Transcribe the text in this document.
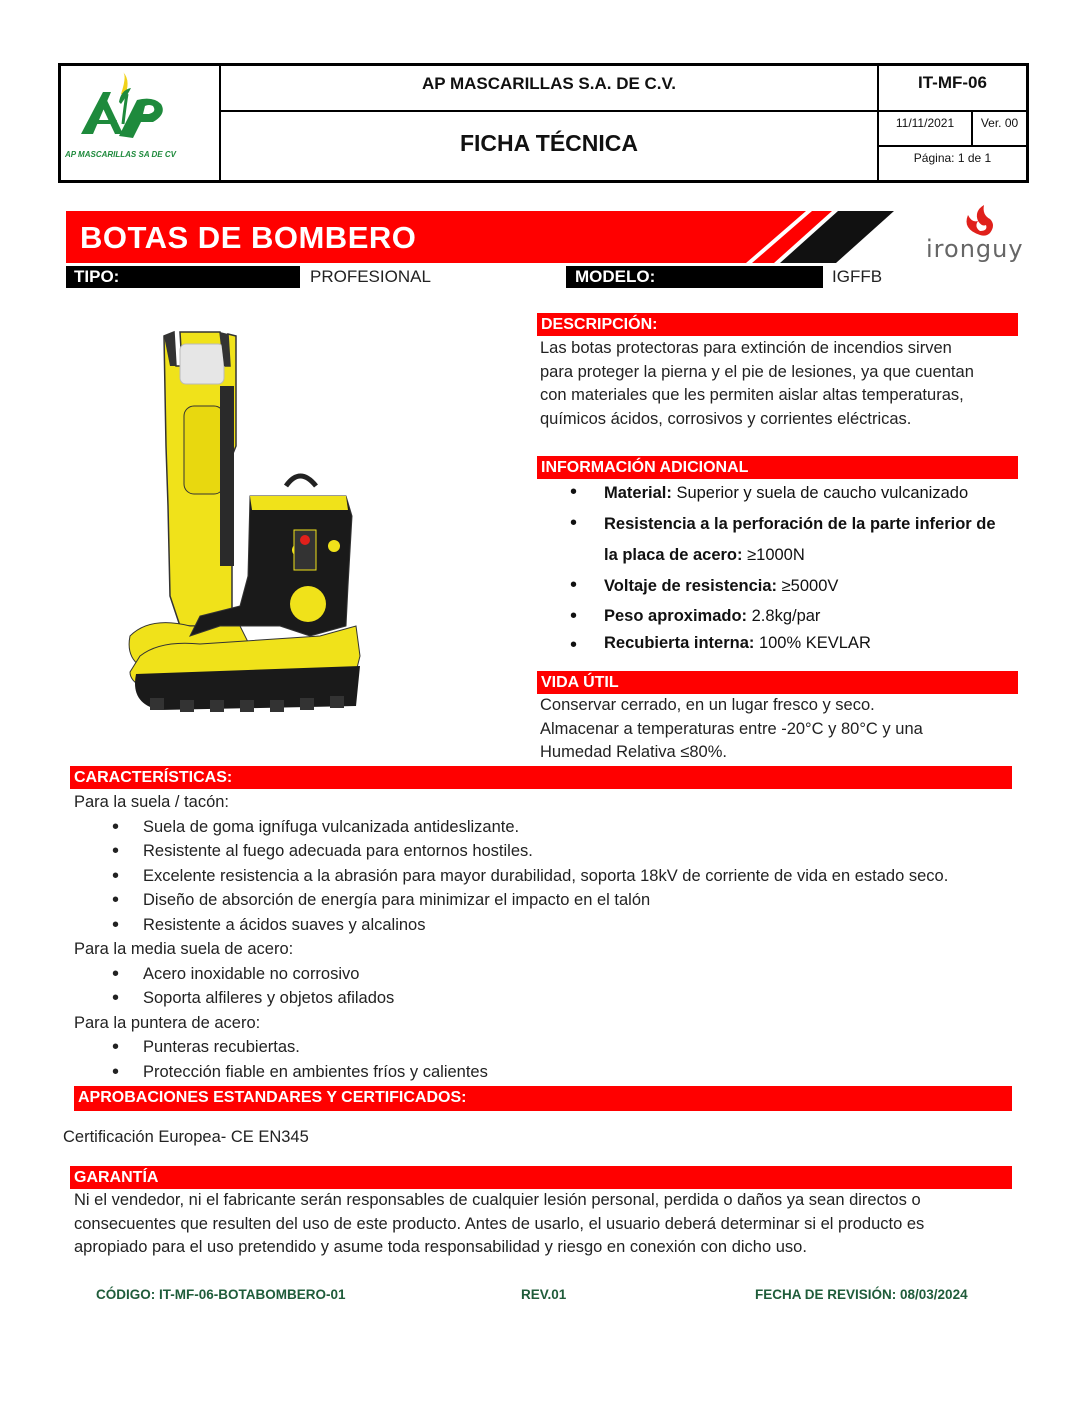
AP MASCARILLAS SA DE CV
AP MASCARILLAS S.A. DE C.V.
FICHA TÉCNICA
IT-MF-06
11/11/2021	Ver. 00
Página: 1 de 1
BOTAS DE BOMBERO	ironguy
TIPO:	PROFESIONAL	MODELO:	IGFFB
DESCRIPCIÓN:
Las botas protectoras para extinción de incendios sirven
para proteger la pierna y el pie de lesiones, ya que cuentan
con materiales que les permiten aislar altas temperaturas,
químicos ácidos, corrosivos y corrientes eléctricas.
INFORMACIÓN ADICIONAL
• Material: Superior y suela de caucho vulcanizado
• Resistencia a la perforación de la parte inferior de
la placa de acero: ≥1000N
• Voltaje de resistencia: ≥5000V
• Peso aproximado: 2.8kg/par
• Recubierta interna: 100% KEVLAR
VIDA ÚTIL
Conservar cerrado, en un lugar fresco y seco.
Almacenar a temperaturas entre -20°C y 80°C y una
Humedad Relativa ≤80%.
CARACTERÍSTICAS:
Para la suela / tacón:
• Suela de goma ignífuga vulcanizada antideslizante.
• Resistente al fuego adecuada para entornos hostiles.
• Excelente resistencia a la abrasión para mayor durabilidad, soporta 18kV de corriente de vida en estado seco.
• Diseño de absorción de energía para minimizar el impacto en el talón
• Resistente a ácidos suaves y alcalinos
Para la media suela de acero:
• Acero inoxidable no corrosivo
• Soporta alfileres y objetos afilados
Para la puntera de acero:
• Punteras recubiertas.
• Protección fiable en ambientes fríos y calientes
APROBACIONES ESTANDARES Y CERTIFICADOS:
Certificación Europea- CE EN345
GARANTÍA
Ni el vendedor, ni el fabricante serán responsables de cualquier lesión personal, perdida o daños ya sean directos o
consecuentes que resulten del uso de este producto. Antes de usarlo, el usuario deberá determinar si el producto es
apropiado para el uso pretendido y asume toda responsabilidad y riesgo en conexión con dicho uso.
CÓDIGO: IT-MF-06-BOTABOMBERO-01	REV.01	FECHA DE REVISIÓN: 08/03/2024
